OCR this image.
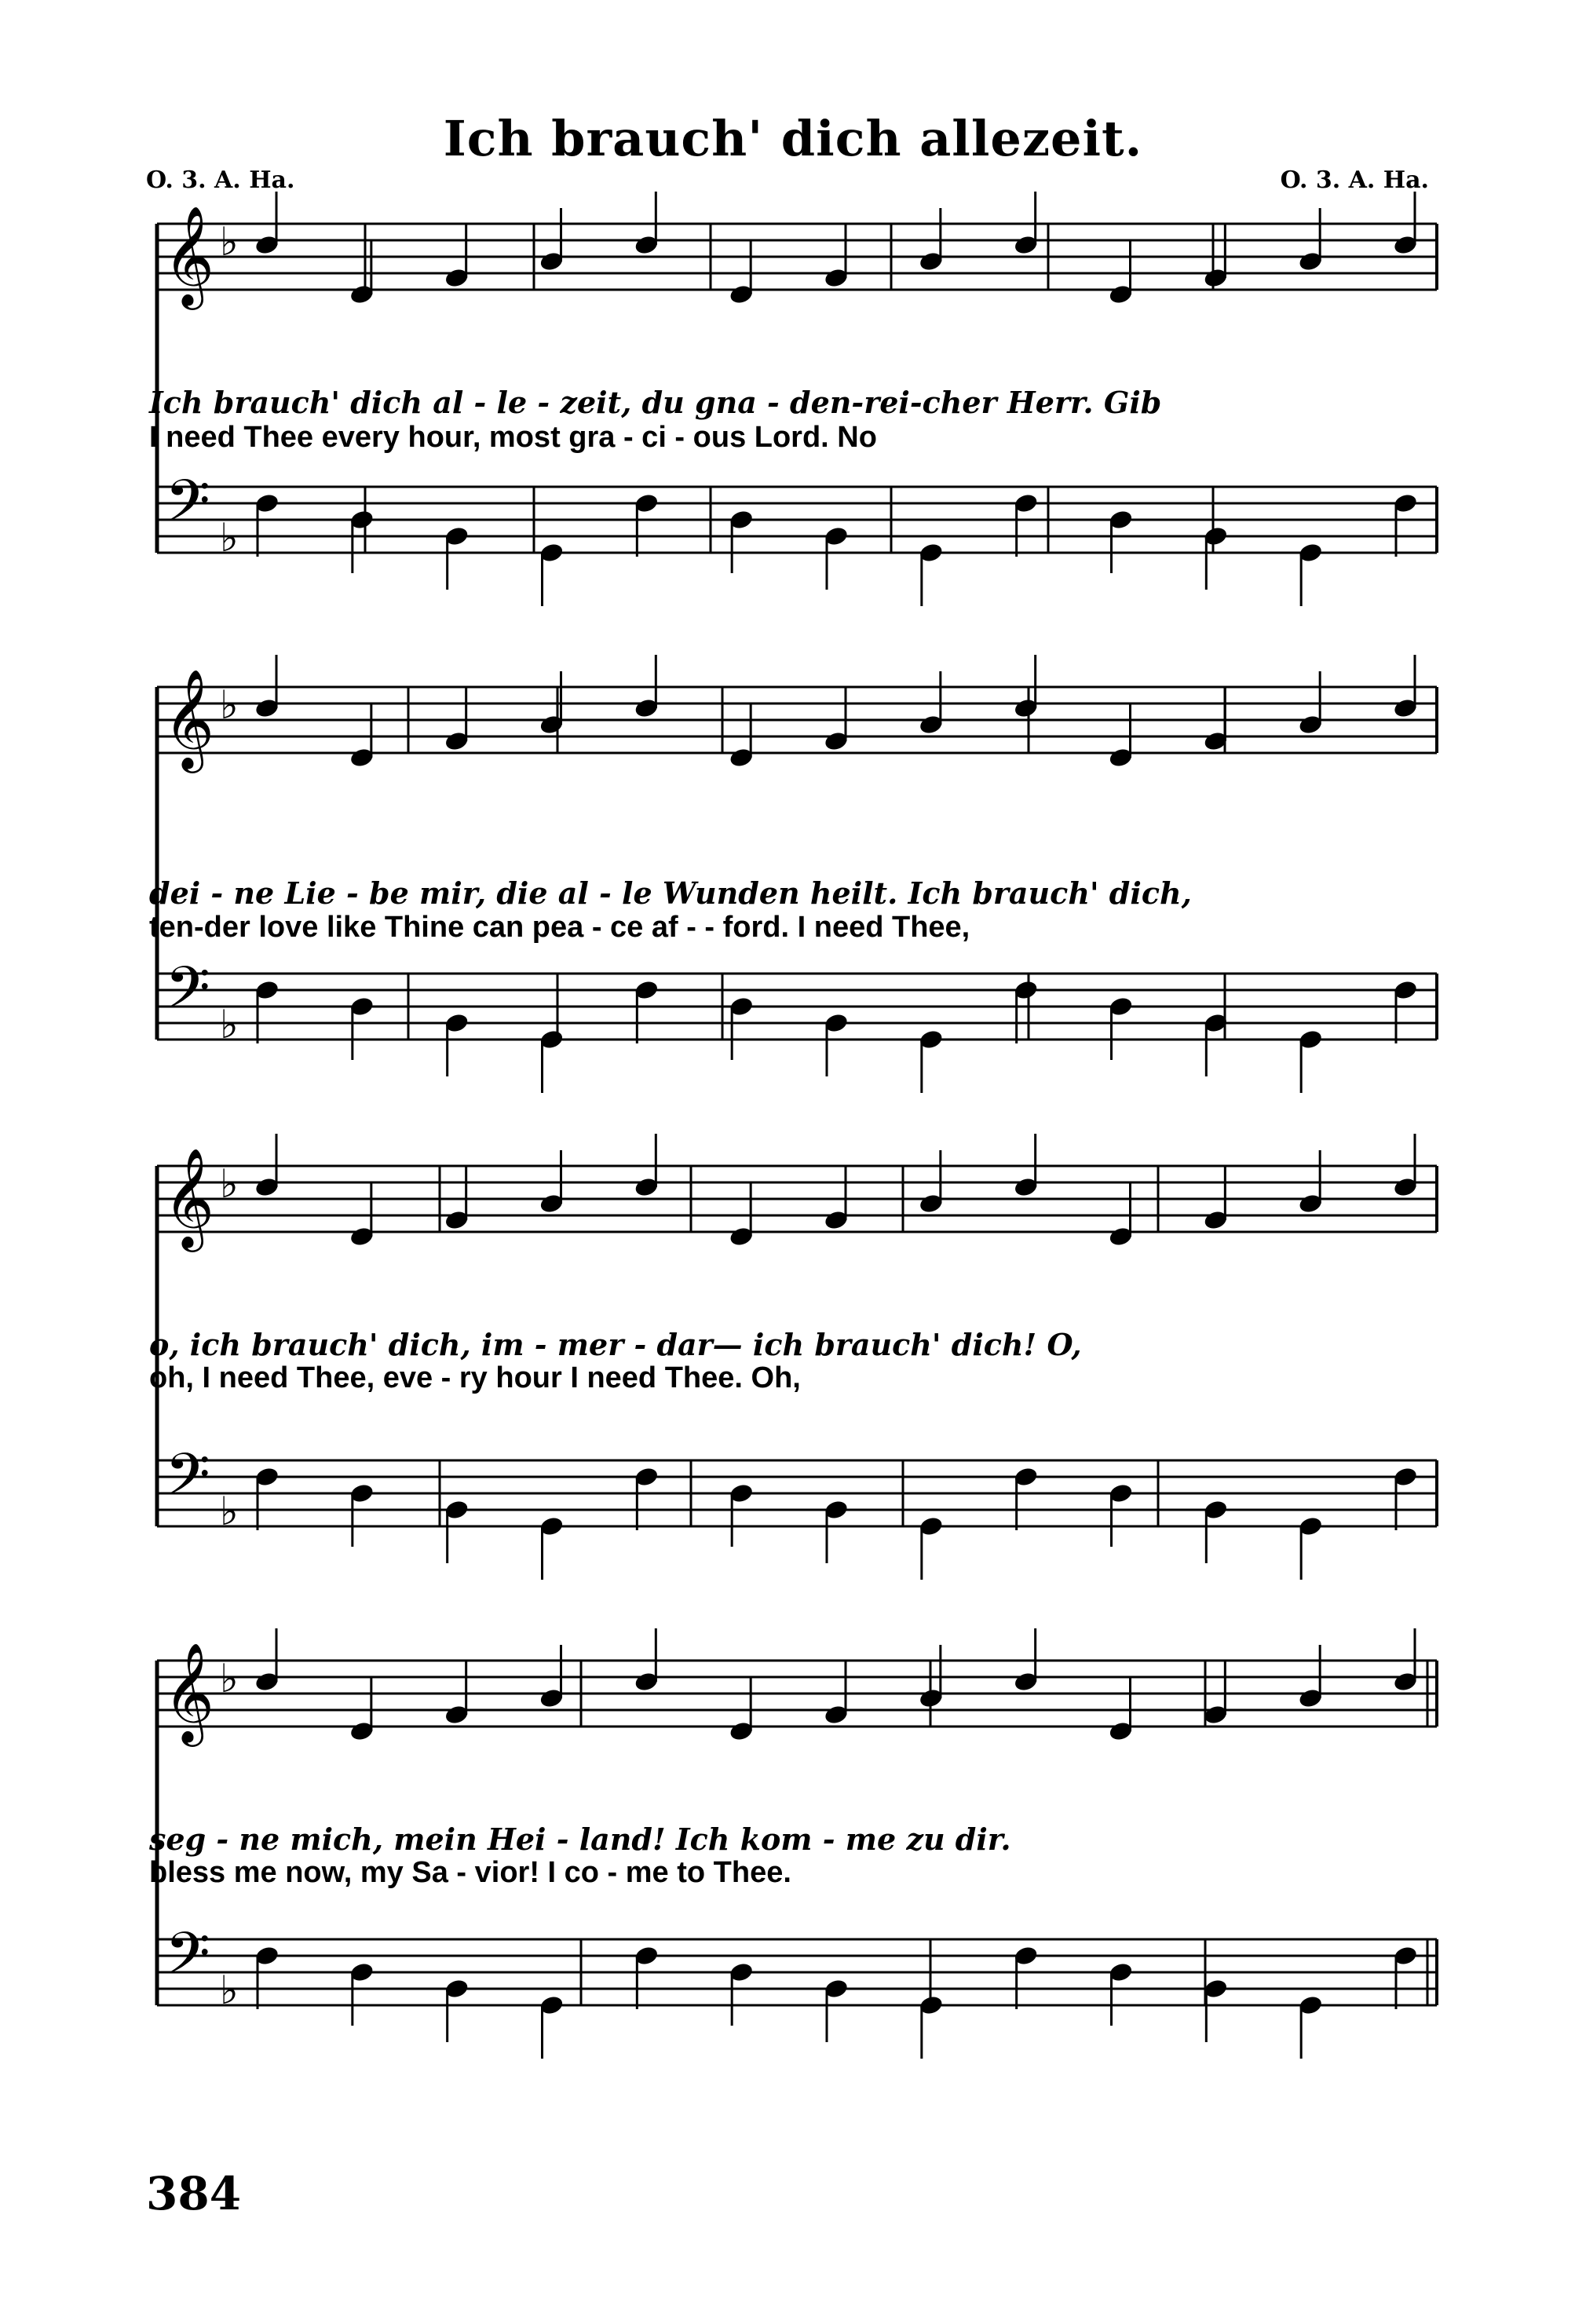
Ich brauch' dich allezeit.
O. 3. A. Ha.	O. 3. A. Ha.
𝄞
𝄢
♭
♭
𝄞
𝄢
♭
♭
𝄞
𝄢
♭
♭
𝄞
𝄢
♭
♭
Ich brauch' dich al - le - zeit, du gna - den-rei-cher Herr. Gib
I need Thee every hour, most gra - ci - ous Lord. No
dei - ne Lie - be mir, die al - le Wunden heilt. Ich brauch' dich,
ten-der love like Thine can pea - ce af - - ford. I need Thee,
o, ich brauch' dich, im - mer - dar— ich brauch' dich! O,
oh, I need Thee, eve - ry hour I need Thee. Oh,
seg - ne mich, mein Hei - land! Ich kom - me zu dir.
bless me now, my Sa - vior! I co - me to Thee.
384
